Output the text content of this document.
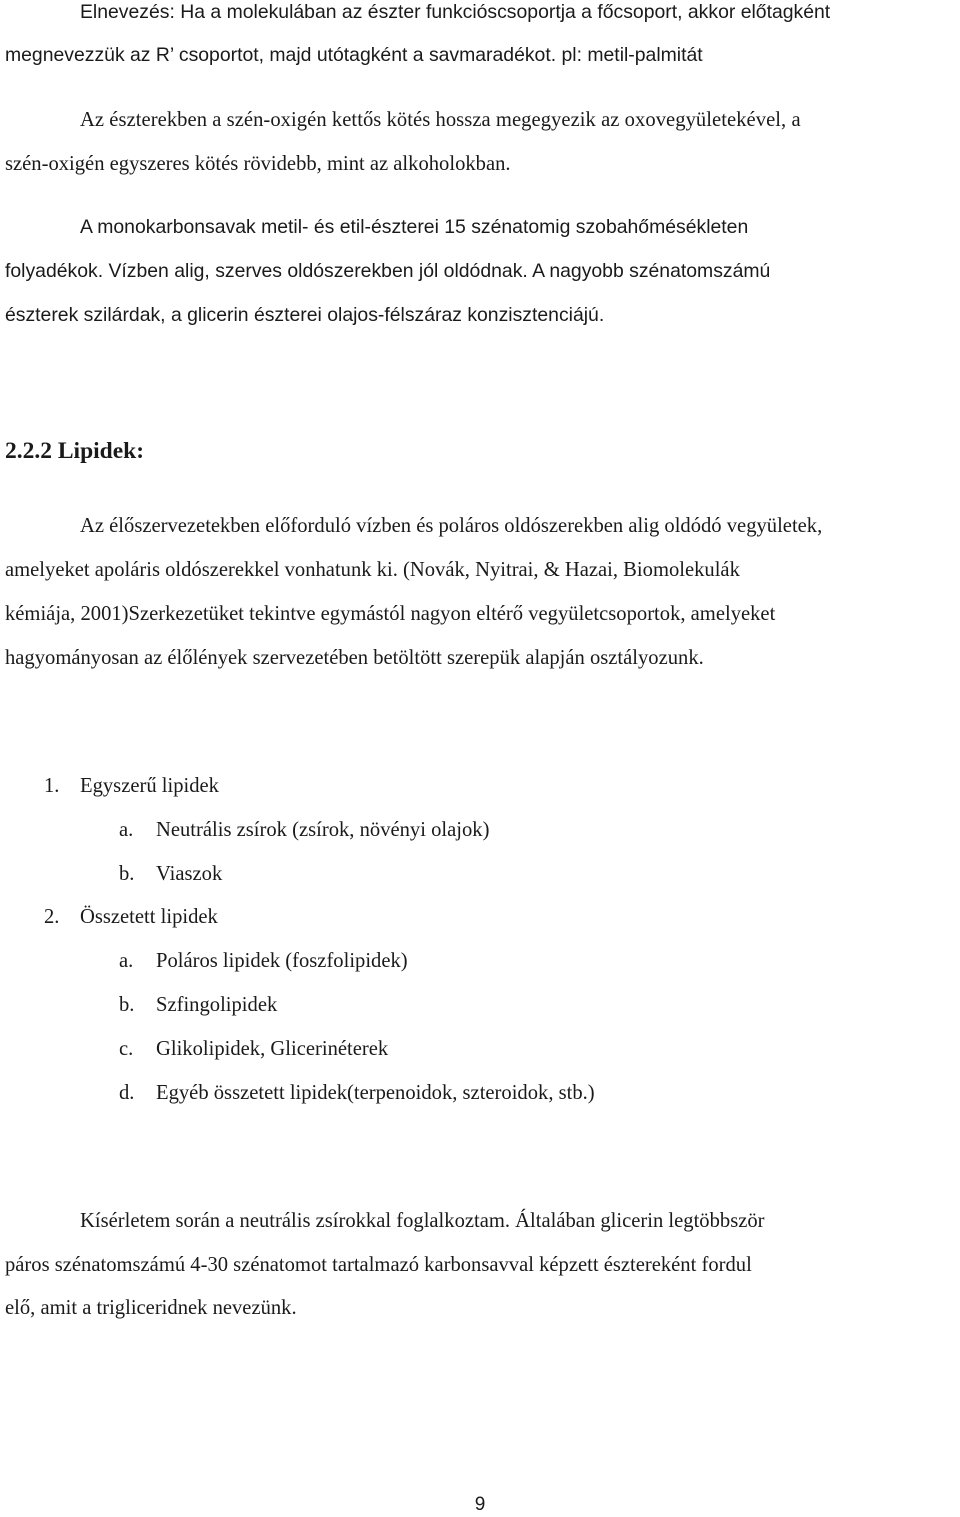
Elnevezés: Ha a molekulában az észter funkcióscsoportja a főcsoport, akkor előtagként
megnevezzük az R’ csoportot, majd utótagként a savmaradékot. pl: metil-palmitát
Az észterekben a szén-oxigén kettős kötés hossza megegyezik az oxovegyületekével, a
szén-oxigén egyszeres kötés rövidebb, mint az alkoholokban.
A monokarbonsavak metil- és etil-észterei 15 szénatomig szobahőmésékleten
folyadékok. Vízben alig, szerves oldószerekben jól oldódnak. A nagyobb szénatomszámú
észterek szilárdak, a glicerin észterei olajos-félszáraz konzisztenciájú.
2.2.2 Lipidek:
Az élőszervezetekben előforduló vízben és poláros oldószerekben alig oldódó vegyületek,
amelyeket apoláris oldószerekkel vonhatunk ki. (Novák, Nyitrai, & Hazai, Biomolekulák
kémiája, 2001)Szerkezetüket tekintve egymástól nagyon eltérő vegyületcsoportok, amelyeket
hagyományosan az élőlények szervezetében betöltött szerepük alapján osztályozunk.
1. Egyszerű lipidek
a. Neutrális zsírok (zsírok, növényi olajok)
b. Viaszok
2. Összetett lipidek
a. Poláros lipidek (foszfolipidek)
b. Szfingolipidek
c. Glikolipidek, Glicerinéterek
d. Egyéb összetett lipidek(terpenoidok, szteroidok, stb.)
Kísérletem során a neutrális zsírokkal foglalkoztam. Általában glicerin legtöbbször
páros szénatomszámú 4-30 szénatomot tartalmazó karbonsavval képzett észtereként fordul
elő, amit a trigliceridnek nevezünk.
9
